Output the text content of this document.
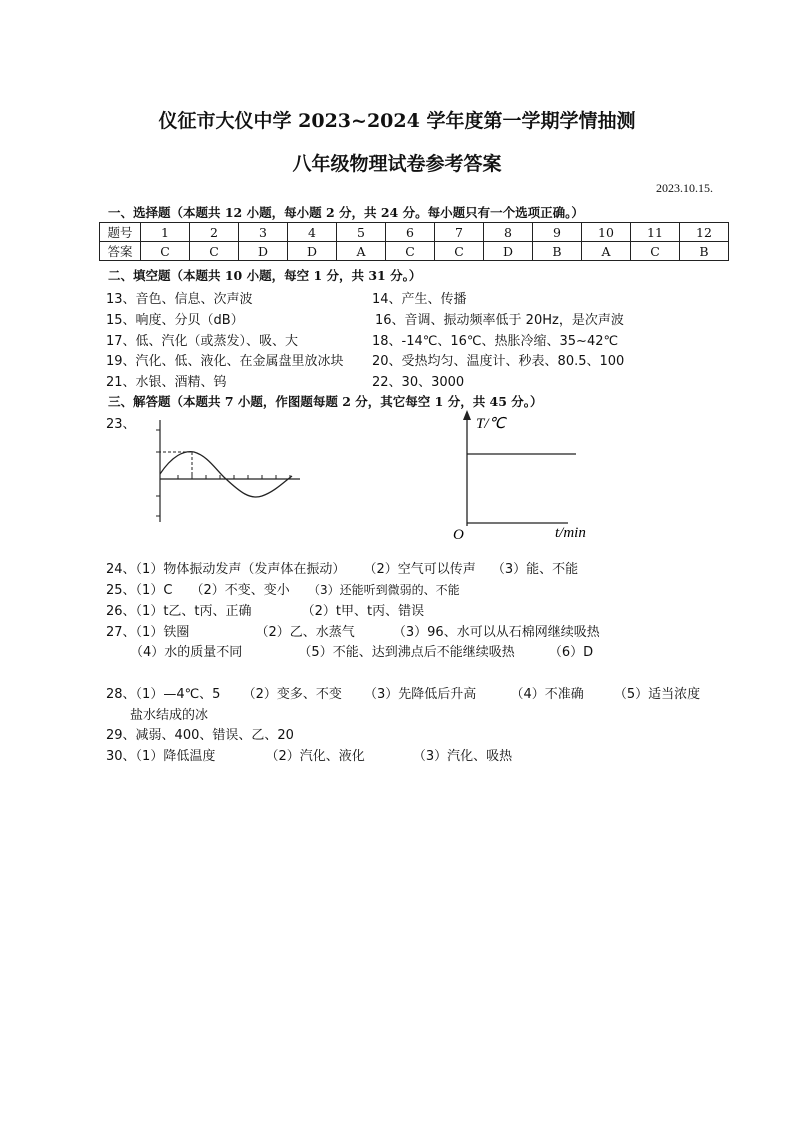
仪征市大仪中学 2023~2024 学年度第一学期学情抽测
八年级物理试卷参考答案
2023.10.15.
一、选择题（本题共 12 小题，每小题 2 分，共 24 分。每小题只有一个选项正确。）
题号	1	2	3	4	5	6	7	8	9	10	11	12
答案	C	C	D	D	A	C	C	D	B	A	C	B
二、填空题（本题共 10 小题，每空 1 分，共 31 分。）
13、音色、信息、次声波	14、产生、传播
15、响度、分贝（dB）	16、音调、振动频率低于 20Hz，是次声波
17、低、汽化（或蒸发）、吸、大	18、-14℃、16℃、热胀冷缩、35~42℃
19、汽化、低、液化、在金属盘里放冰块 20、受热均匀、温度计、秒表、80.5、100
21、水银、酒精、钨	22、30、3000
三、解答题（本题共 7 小题，作图题每题 2 分，其它每空 1 分，共 45 分。）
23、	T/℃
O	t/min
24、（1）物体振动发声（发声体在振动） （2）空气可以传声 （3）能、不能
25、（1）C （2）不变、变小 （3）还能听到微弱的、不能
26、（1）t乙、t丙、正确	（2）t甲、t丙、错误
27、（1）铁圈	（2）乙、水蒸气	（3）96、水可以从石棉网继续吸热
（4）水的质量不同	（5）不能、达到沸点后不能继续吸热	（6）D
28、（1）—4℃、5 （2）变多、不变 （3）先降低后升高	（4）不准确 （5）适当浓度
盐水结成的冰
29、减弱、400、错误、乙、20
30、（1）降低温度	（2）汽化、液化	（3）汽化、吸热
